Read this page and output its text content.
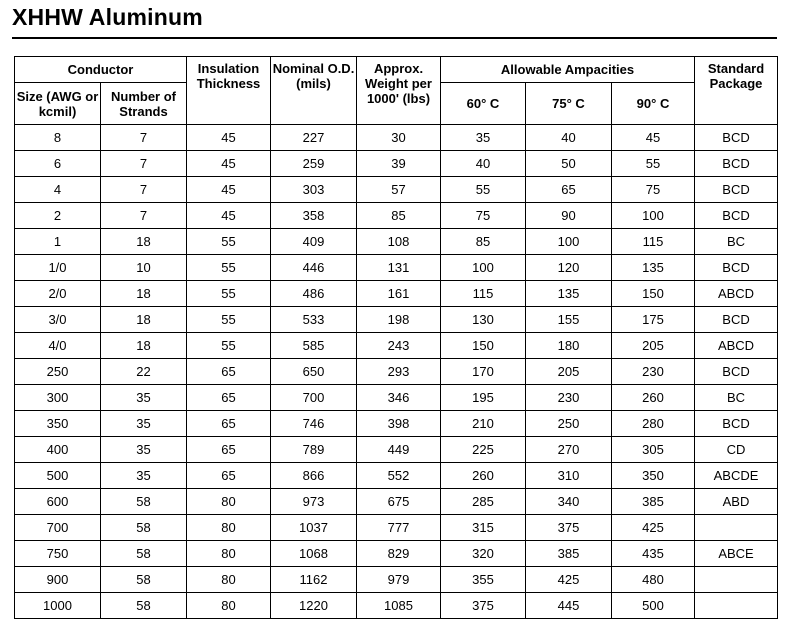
XHHW Aluminum
Conductor		Insulation Thickness	Nominal O.D. (mils)	Approx. Weight per 1000' (lbs)	Allowable Ampacities			Standard Package
Size (AWG or kcmil)	Number of Strands				60° C	75° C	90° C	
8	7	45	227	30	35	40	45	BCD
6	7	45	259	39	40	50	55	BCD
4	7	45	303	57	55	65	75	BCD
2	7	45	358	85	75	90	100	BCD
1	18	55	409	108	85	100	115	BC
1/0	10	55	446	131	100	120	135	BCD
2/0	18	55	486	161	115	135	150	ABCD
3/0	18	55	533	198	130	155	175	BCD
4/0	18	55	585	243	150	180	205	ABCD
250	22	65	650	293	170	205	230	BCD
300	35	65	700	346	195	230	260	BC
350	35	65	746	398	210	250	280	BCD
400	35	65	789	449	225	270	305	CD
500	35	65	866	552	260	310	350	ABCDE
600	58	80	973	675	285	340	385	ABD
700	58	80	1037	777	315	375	425	
750	58	80	1068	829	320	385	435	ABCE
900	58	80	1162	979	355	425	480	
1000	58	80	1220	1085	375	445	500	
